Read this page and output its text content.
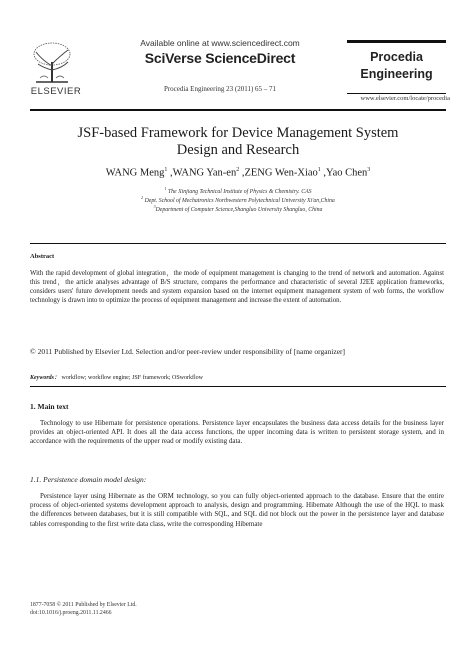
ELSEVIER
Available online at www.sciencedirect.com
SciVerse ScienceDirect
Procedia Engineering 23 (2011) 65 – 71
Procedia
Engineering
www.elsevier.com/locate/procedia
JSF-based Framework for Device Management System
Design and Research
WANG Meng$^1$ ,WANG Yan-$en^2$ ,ZENG Wen-Xiao$^1$ ,Yao Chen$^3$
$^1$ The Xinjiang Technical Institute of Physics & Chemistry. CAS
$^2$ Dept. School of Mechatronics Northwestern Polytechnical University Xi'an,China
$^3$Department of Computer Science,Shangluo University Shangluo, China
Abstract
With the rapid development of global integration，the mode of equipment management is changing to the trend of network and automation. Against this trend，the article analyses advantage of B/S structure, compares the performance and characteristic of several J2EE application frameworks, considers users' future development needs and system expansion based on the internet equipment management system of web forms, the workflow technology is drawn into to optimize the process of equipment management and increase the extent of automation.
© 2011 Published by Elsevier Ltd. Selection and/or peer-review under responsibility of [name organizer]
Keywords： workflow; workflow engine; JSF framework; OSworkflow
1. Main text
Technology to use Hibernate for persistence operations. Persistence layer encapsulates the business data access details for the business layer provides an object-oriented API. It does all the data access functions, the upper incoming data is written to persistent storage system, and in accordance with the requirements of the upper read or modify existing data.
1.1. Persistence domain model design:
Persistence layer using Hibernate as the ORM technology, so you can fully object-oriented approach to the database. Ensure that the entire process of object-oriented systems development approach to analysis, design and programming. Hibemate Although the use of the HQL to mask the differences between databases, but it is still compatible with SQL, and SQL did not block out the power in the persistence layer and database tables corresponding to the first write data class, write the corresponding Hibemate
1877-7058 © 2011 Published by Elsevier Ltd.
doi:10.1016/j.proeng.2011.11.2466
